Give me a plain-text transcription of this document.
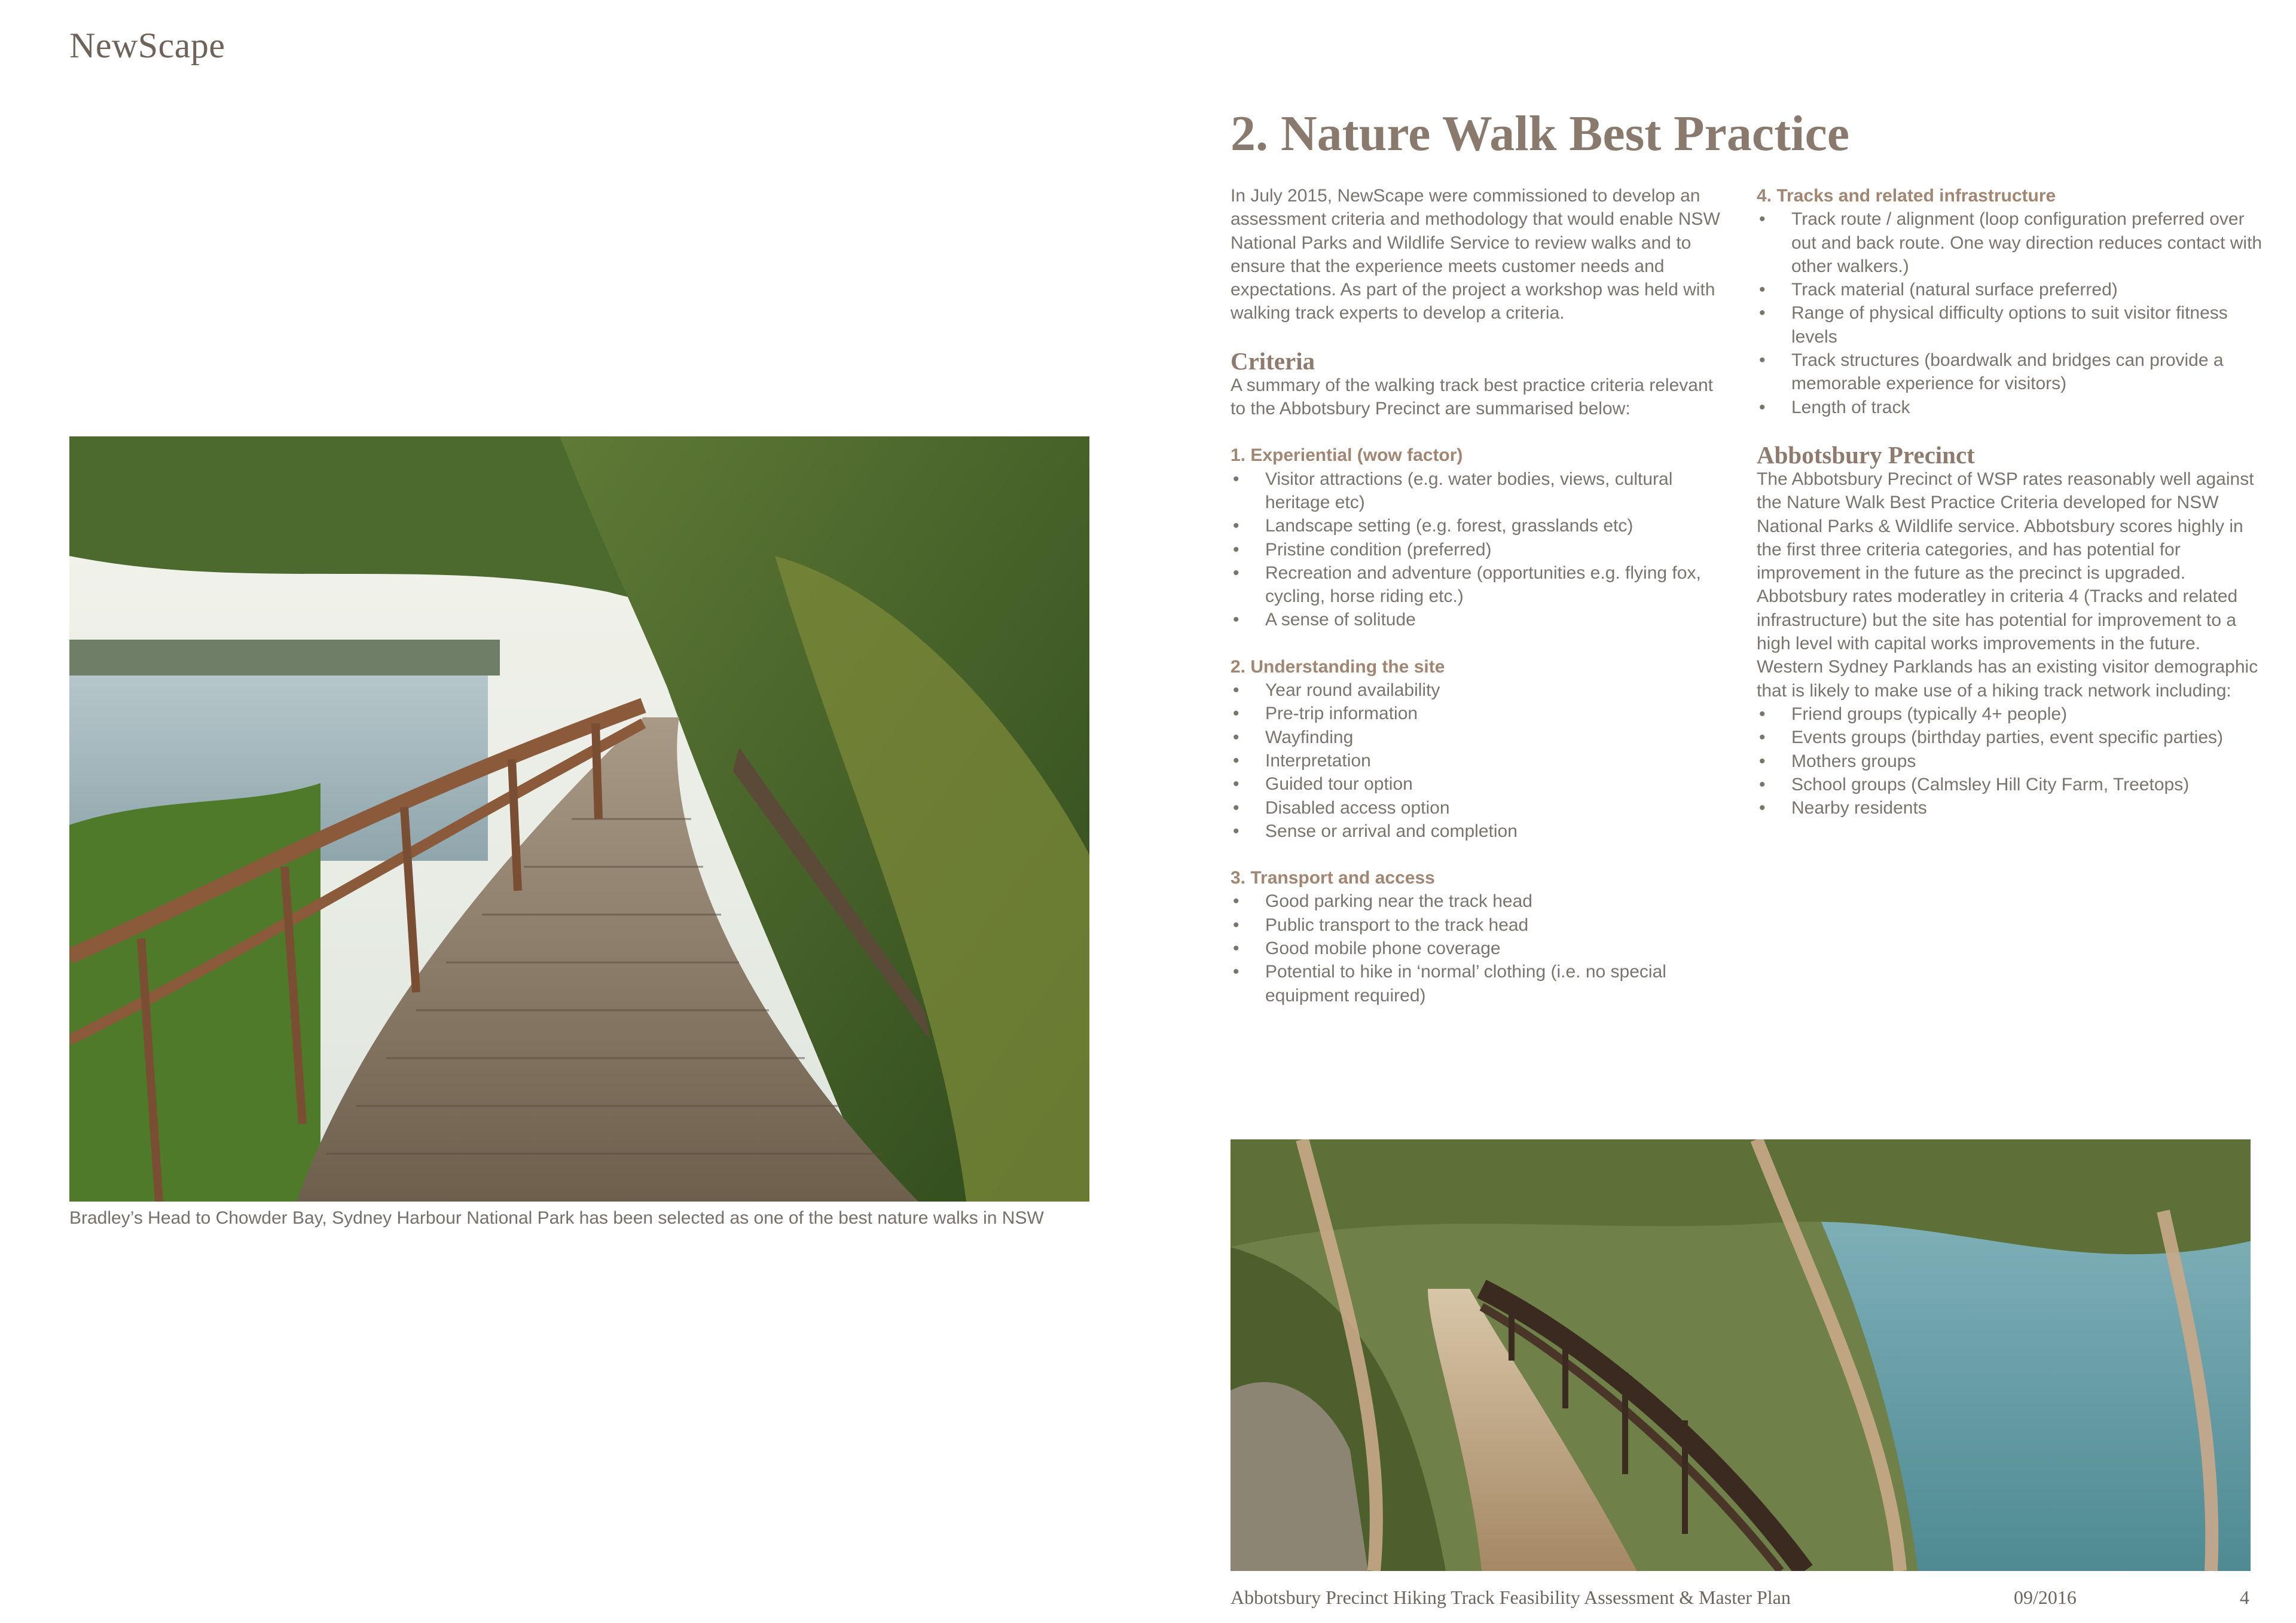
NewScape

Bradley’s Head to Chowder Bay, Sydney Harbour National Park has been selected as one of the best nature walks in NSW

2. Nature Walk Best Practice

In July 2015, NewScape were commissioned to develop an assessment criteria and methodology that would enable NSW National Parks and Wildlife Service to review walks and to ensure that the experience meets customer needs and expectations. As part of the project a workshop was held with walking track experts to develop a criteria.

Criteria

A summary of the walking track best practice criteria relevant to the Abbotsbury Precinct are summarised below:

1. Experiential (wow factor)

• Visitor attractions (e.g. water bodies, views, cultural heritage etc)
• Landscape setting (e.g. forest, grasslands etc)
• Pristine condition (preferred)
• Recreation and adventure (opportunities e.g. flying fox, cycling, horse riding etc.)
• A sense of solitude

2. Understanding the site

• Year round availability
• Pre-trip information
• Wayfinding
• Interpretation
• Guided tour option
• Disabled access option
• Sense or arrival and completion

3. Transport and access

• Good parking near the track head
• Public transport to the track head
• Good mobile phone coverage
• Potential to hike in ‘normal’ clothing (i.e. no special equipment required)

4. Tracks and related infrastructure

• Track route / alignment (loop configuration preferred over out and back route. One way direction reduces contact with other walkers.)
• Track material (natural surface preferred)
• Range of physical difficulty options to suit visitor fitness levels
• Track structures (boardwalk and bridges can provide a memorable experience for visitors)
• Length of track
Abbotsbury Precinct

The Abbotsbury Precinct of WSP rates reasonably well against the Nature Walk Best Practice Criteria developed for NSW National Parks & Wildlife service. Abbotsbury scores highly in the first three criteria categories, and has potential for improvement in the future as the precinct is upgraded. Abbotsbury rates moderatley in criteria 4 (Tracks and related infrastructure) but the site has potential for improvement to a high level with capital works improvements in the future.

Western Sydney Parklands has an existing visitor demographic that is likely to make use of a hiking track network including:

• Friend groups (typically 4+ people)
• Events groups (birthday parties, event specific parties)
• Mothers groups
• School groups (Calmsley Hill City Farm, Treetops)
• Nearby residents
Abbotsbury Precinct Hiking Track Feasibility Assessment & Master Plan	09/2016	4
